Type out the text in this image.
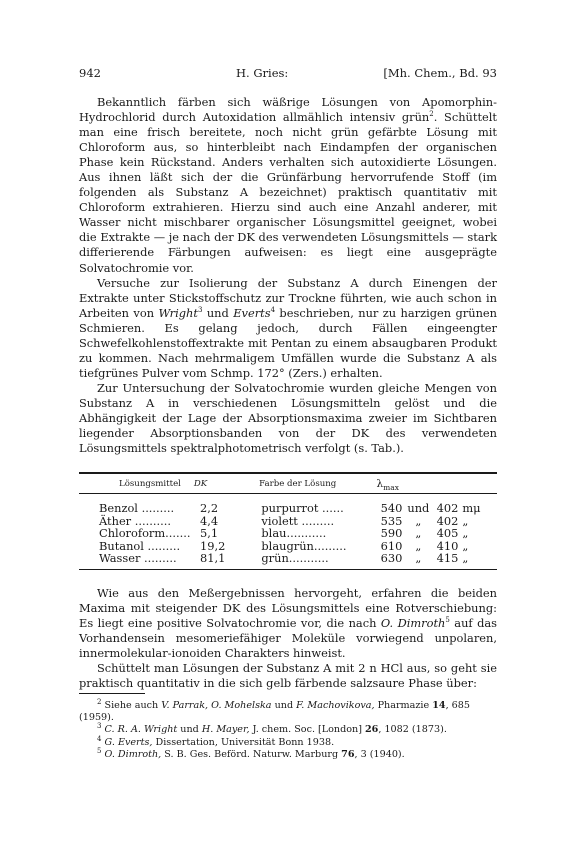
942	H. Gries:	[Mh. Chem., Bd. 93

Bekanntlich färben sich wäßrige Lösungen von Apomorphin-Hydrochlorid durch Autoxidation allmählich intensiv grün$^2$. Schüttelt man eine frisch bereitete, noch nicht grün gefärbte Lösung mit Chloroform aus, so hinterbleibt nach Eindampfen der organischen Phase kein Rückstand. Anders verhalten sich autoxidierte Lösungen. Aus ihnen läßt sich der die Grünfärbung hervorrufende Stoff (im folgenden als Substanz A bezeichnet) praktisch quantitativ mit Chloroform extrahieren. Hierzu sind auch eine Anzahl anderer, mit Wasser nicht mischbarer organischer Lösungsmittel geeignet, wobei die Extrakte — je nach der DK des verwendeten Lösungsmittels — stark differierende Färbungen aufweisen: es liegt eine ausgeprägte Solvatochromie vor.

Versuche zur Isolierung der Substanz A durch Einengen der Extrakte unter Stickstoffschutz zur Trockne führten, wie auch schon in Arbeiten von Wright$^3$ und Everts$^4$ beschrieben, nur zu harzigen grünen Schmieren. Es gelang jedoch, durch Fällen eingeengter Schwefelkohlenstoffextrakte mit Pentan zu einem absaugbaren Produkt zu kommen. Nach mehrmaligem Umfällen wurde die Substanz A als tiefgrünes Pulver vom Schmp. 172° (Zers.) erhalten.

Zur Untersuchung der Solvatochromie wurden gleiche Mengen von Substanz A in verschiedenen Lösungsmitteln gelöst und die Abhängigkeit der Lage der Absorptionsmaxima zweier im Sichtbaren liegender Absorptionsbanden von der DK des verwendeten Lösungsmittels spektralphotometrisch verfolgt (s. Tab.).

Lösungsmittel	DK	Farbe der Lösung	$\lambda_{max}$
Benzol .........	2,2	purpurrot ......	540 und 402 mμ
Äther ..........	4,4	violett .........	535 „ 402 „
Chloroform....... 5,1	blau...........	590 „ 405 „
Butanol .........	19,2	blaugrün.........	610 „ 410 „
Wasser .........	81,1	grün...........	630 „ 415 „

Wie aus den Meßergebnissen hervorgeht, erfahren die beiden Maxima mit steigender DK des Lösungsmittels eine Rotverschiebung: Es liegt eine positive Solvatochromie vor, die nach O. Dimroth$^5$ auf das Vorhandensein mesomeriefähiger Moleküle vorwiegend unpolaren, innermolekular-ionoiden Charakters hinweist.

Schüttelt man Lösungen der Substanz A mit 2 n HCl aus, so geht sie praktisch quantitativ in die sich gelb färbende salzsaure Phase über:

$^2$ Siehe auch V. Parrak, O. Mohelska und F. Machovikova, Pharmazie 14, 685 (1959).
$^3$ C. R. A. Wright und H. Mayer, J. chem. Soc. [London] 26, 1082 (1873).
$^4$ G. Everts, Dissertation, Universität Bonn 1938.
$^5$ O. Dimroth, S. B. Ges. Beförd. Naturw. Marburg 76, 3 (1940).
